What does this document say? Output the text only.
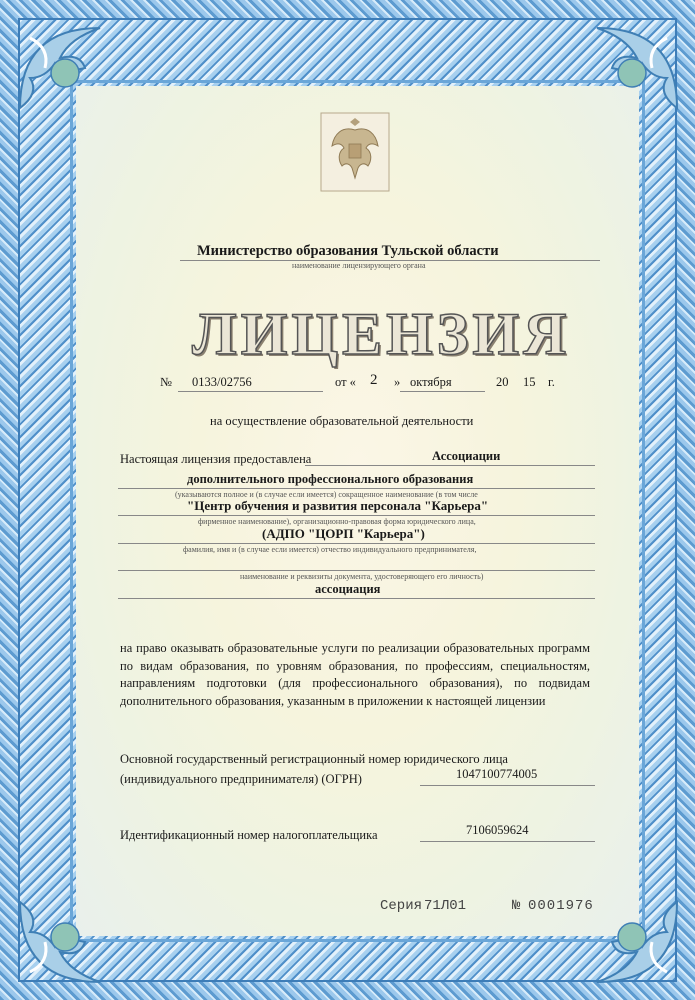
Министерство образования Тульской области
наименование лицензирующего органа
ЛИЦЕНЗИЯ
№ 0133/02756	от « 2 » октября	20 15 г.
на осуществление образовательной деятельности
Настоящая лицензия предоставлена	Ассоциации
дополнительного профессионального образования
(указываются полное и (в случае если имеется) сокращенное наименование (в том числе
"Центр обучения и развития персонала "Карьера"
фирменное наименование), организационно-правовая форма юридического лица,
(АДПО "ЦОРП "Карьера")
фамилия, имя и (в случае если имеется) отчество индивидуального предпринимателя,
наименование и реквизиты документа, удостоверяющего его личность)
ассоциация
на право оказывать образовательные услуги по реализации образовательных программ по видам образования, по уровням образования, по профессиям, специальностям, направлениям подготовки (для профессионального образования), по подвидам дополнительного образования, указанным в приложении к настоящей лицензии
Основной государственный регистрационный номер юридического лица
(индивидуального предпринимателя) (ОГРН)	1047100774005
Идентификационный номер налогоплательщика	7106059624
Серия 71Л01	№ 0001976
